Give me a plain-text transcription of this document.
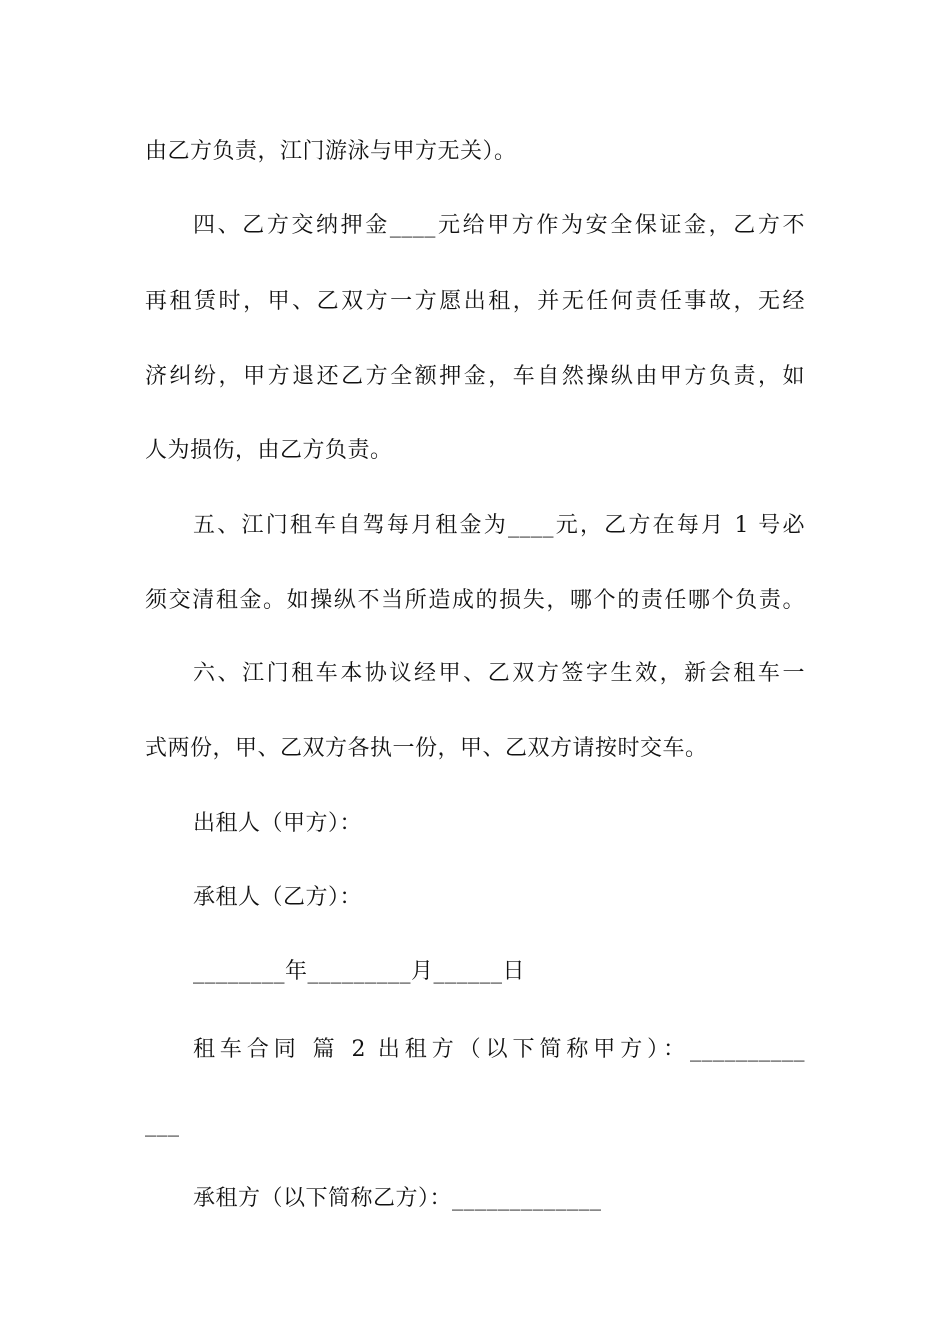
由乙方负责，江门游泳与甲方无关）。

四、乙方交纳押金____元给甲方作为安全保证金，乙方不

再租赁时，甲、乙双方一方愿出租，并无任何责任事故，无经

济纠纷，甲方退还乙方全额押金，车自然操纵由甲方负责，如

人为损伤，由乙方负责。

五、江门租车自驾每月租金为____元，乙方在每月 1 号必

须交清租金。如操纵不当所造成的损失，哪个的责任哪个负责。

六、江门租车本协议经甲、乙双方签字生效，新会租车一

式两份，甲、乙双方各执一份，甲、乙双方请按时交车。

出租人（甲方）：

承租人（乙方）：

________年_________月______日

租车合同 篇 2 出租方（以下简称甲方）：__________

___

承租方（以下简称乙方）：_____________
